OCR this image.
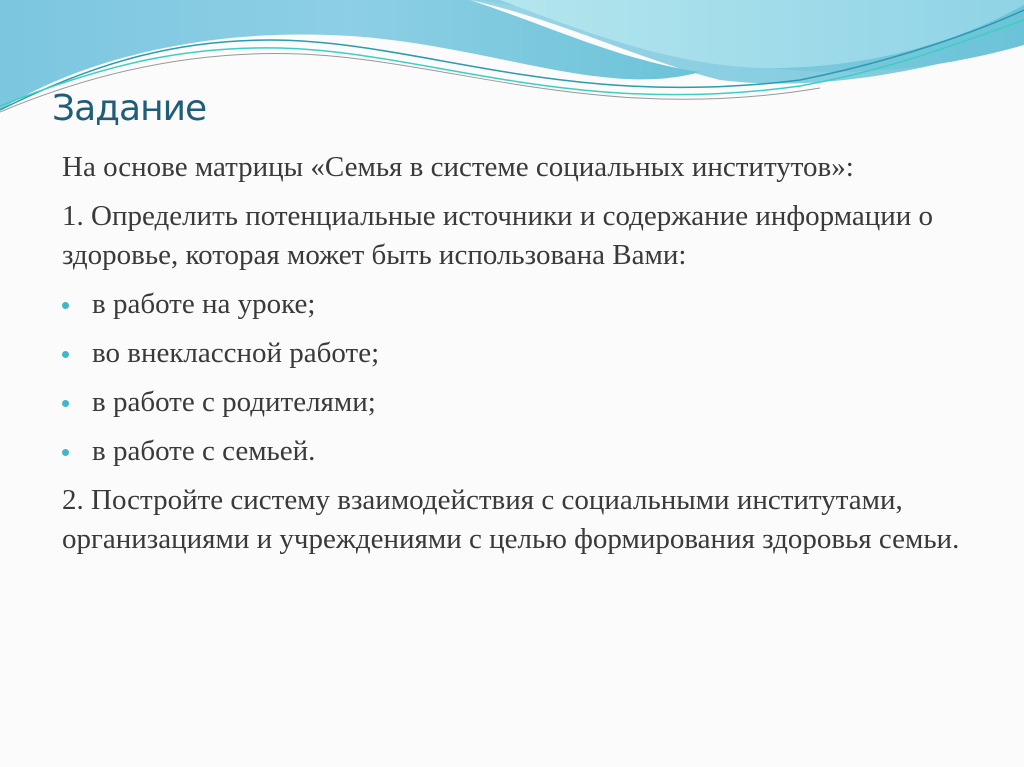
Задание

На основе матрицы «Семья в системе социальных институтов»:

1. Определить потенциальные источники и содержание информации о здоровье, которая может быть использована Вами:

в работе на уроке;

во внеклассной работе;

в работе с родителями;

в работе с семьей.

2. Постройте систему взаимодействия с социальными институтами, организациями и учреждениями с целью формирования здоровья семьи.
